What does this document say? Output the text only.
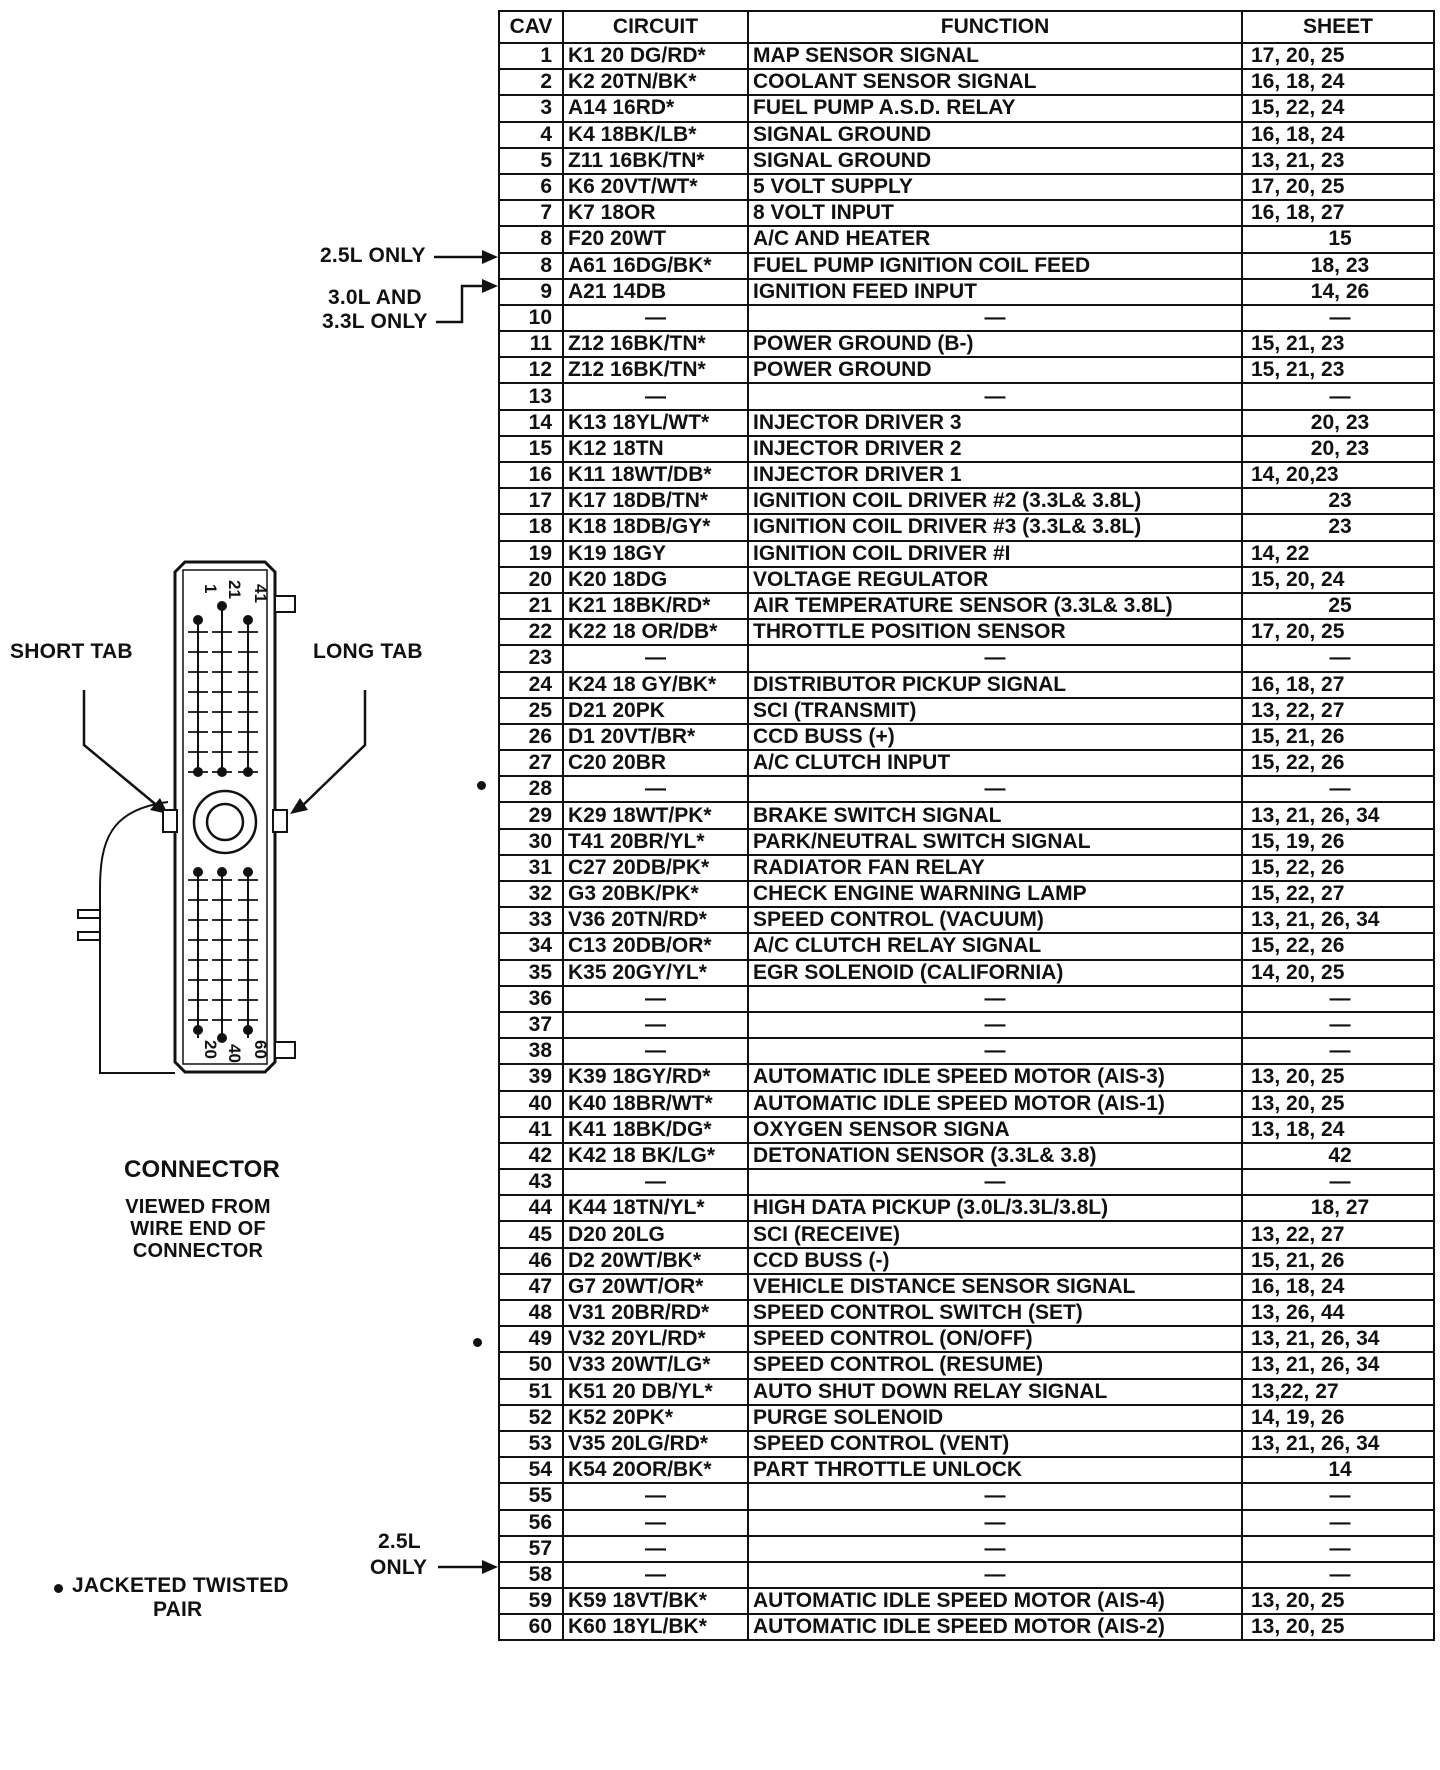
SHORT TAB	LONG TAB
1 21 41
20 40 60
CONNECTOR
VIEWED FROM
WIRE END OF
CONNECTOR
JACKETED TWISTED
PAIR
2.5L ONLY
3.0L AND
3.3L ONLY
2.5L
ONLY
CAV	CIRCUIT	FUNCTION	SHEET
1	K1 20 DG/RD*	MAP SENSOR SIGNAL	17, 20, 25
2	K2 20TN/BK*	COOLANT SENSOR SIGNAL	16, 18, 24
3	A14 16RD*	FUEL PUMP A.S.D. RELAY	15, 22, 24
4	K4 18BK/LB*	SIGNAL GROUND	16, 18, 24
5	Z11 16BK/TN*	SIGNAL GROUND	13, 21, 23
6	K6 20VT/WT*	5 VOLT SUPPLY	17, 20, 25
7	K7 18OR	8 VOLT INPUT	16, 18, 27
8	F20 20WT	A/C AND HEATER	15
8	A61 16DG/BK*	FUEL PUMP IGNITION COIL FEED	18, 23
9	A21 14DB	IGNITION FEED INPUT	14, 26
10	—	—	—
11	Z12 16BK/TN*	POWER GROUND (B-)	15, 21, 23
12	Z12 16BK/TN*	POWER GROUND	15, 21, 23
13	—	—	—
14	K13 18YL/WT*	INJECTOR DRIVER 3	20, 23
15	K12 18TN	INJECTOR DRIVER 2	20, 23
16	K11 18WT/DB*	INJECTOR DRIVER 1	14, 20,23
17	K17 18DB/TN*	IGNITION COIL DRIVER #2 (3.3L& 3.8L)	23
18	K18 18DB/GY*	IGNITION COIL DRIVER #3 (3.3L& 3.8L)	23
19	K19 18GY	IGNITION COIL DRIVER #I	14, 22
20	K20 18DG	VOLTAGE REGULATOR	15, 20, 24
21	K21 18BK/RD*	AIR TEMPERATURE SENSOR (3.3L& 3.8L)	25
22	K22 18 OR/DB*	THROTTLE POSITION SENSOR	17, 20, 25
23	—	—	—
24	K24 18 GY/BK*	DISTRIBUTOR PICKUP SIGNAL	16, 18, 27
25	D21 20PK	SCI (TRANSMIT)	13, 22, 27
26	D1 20VT/BR*	CCD BUSS (+)	15, 21, 26
27	C20 20BR	A/C CLUTCH INPUT	15, 22, 26
28	—	—	—
29	K29 18WT/PK*	BRAKE SWITCH SIGNAL	13, 21, 26, 34
30	T41 20BR/YL*	PARK/NEUTRAL SWITCH SIGNAL	15, 19, 26
31	C27 20DB/PK*	RADIATOR FAN RELAY	15, 22, 26
32	G3 20BK/PK*	CHECK ENGINE WARNING LAMP	15, 22, 27
33	V36 20TN/RD*	SPEED CONTROL (VACUUM)	13, 21, 26, 34
34	C13 20DB/OR*	A/C CLUTCH RELAY SIGNAL	15, 22, 26
35	K35 20GY/YL*	EGR SOLENOID (CALIFORNIA)	14, 20, 25
36	—	—	—
37	—	—	—
38	—	—	—
39	K39 18GY/RD*	AUTOMATIC IDLE SPEED MOTOR (AIS-3)	13, 20, 25
40	K40 18BR/WT*	AUTOMATIC IDLE SPEED MOTOR (AIS-1)	13, 20, 25
41	K41 18BK/DG*	OXYGEN SENSOR SIGNA	13, 18, 24
42	K42 18 BK/LG*	DETONATION SENSOR (3.3L& 3.8)	42
43	—	—	—
44	K44 18TN/YL*	HIGH DATA PICKUP (3.0L/3.3L/3.8L)	18, 27
45	D20 20LG	SCI (RECEIVE)	13, 22, 27
46	D2 20WT/BK*	CCD BUSS (-)	15, 21, 26
47	G7 20WT/OR*	VEHICLE DISTANCE SENSOR SIGNAL	16, 18, 24
48	V31 20BR/RD*	SPEED CONTROL SWITCH (SET)	13, 26, 44
49	V32 20YL/RD*	SPEED CONTROL (ON/OFF)	13, 21, 26, 34
50	V33 20WT/LG*	SPEED CONTROL (RESUME)	13, 21, 26, 34
51	K51 20 DB/YL*	AUTO SHUT DOWN RELAY SIGNAL	13,22, 27
52	K52 20PK*	PURGE SOLENOID	14, 19, 26
53	V35 20LG/RD*	SPEED CONTROL (VENT)	13, 21, 26, 34
54	K54 20OR/BK*	PART THROTTLE UNLOCK	14
55	—	—	—
56	—	—	—
57	—	—	—
58	—	—	—
59	K59 18VT/BK*	AUTOMATIC IDLE SPEED MOTOR (AIS-4)	13, 20, 25
60	K60 18YL/BK*	AUTOMATIC IDLE SPEED MOTOR (AIS-2)	13, 20, 25
